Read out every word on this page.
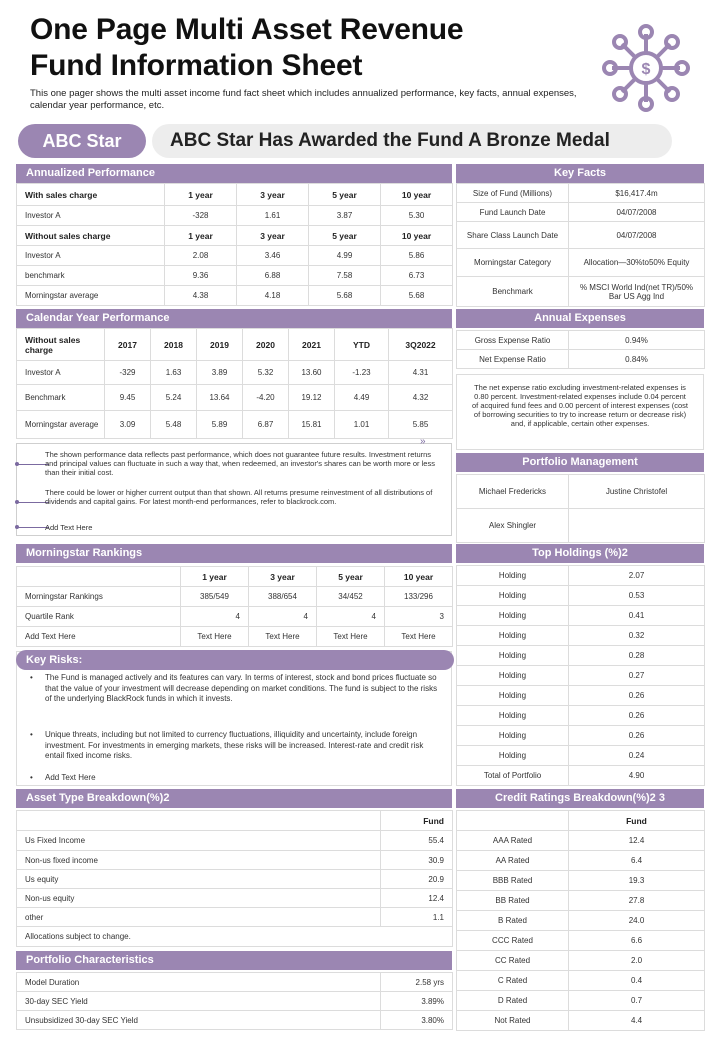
One Page Multi Asset Revenue
Fund Information Sheet
This one pager shows the multi asset income fund fact sheet which includes annualized performance, key facts, annual expenses, calendar year performance, etc.
$
ABC Star	ABC Star Has Awarded the Fund A Bronze Medal
Annualized Performance
With sales charge	1 year	3 year	5 year	10 year
Investor A	-328	1.61	3.87	5.30
Without sales charge	1 year	3 year	5 year	10 year
Investor A	2.08	3.46	4.99	5.86
benchmark	9.36	6.88	7.58	6.73
Morningstar average	4.38	4.18	5.68	5.68
Key Facts
Size of Fund (Millions)	$16,417.4m
Fund Launch Date	04/07/2008
Share Class Launch Date	04/07/2008
Morningstar Category	Allocation—30%to50% Equity
Benchmark	% MSCI World Ind(net TR)/50% Bar US Agg Ind
Calendar Year Performance
Without sales charge	2017	2018	2019	2020	2021	YTD	3Q2022
Investor A	-329	1.63	3.89	5.32	13.60	-1.23	4.31
Benchmark	9.45	5.24	13.64	-4.20	19.12	4.49	4.32
Morningstar average	3.09	5.48	5.89	6.87	15.81	1.01	5.85
Annual Expenses
Gross Expense Ratio	0.94%
Net Expense Ratio	0.84%
The net expense ratio excluding investment-related expenses is 0.80 percent. Investment-related expenses include 0.04 percent of acquired fund fees and 0.00 percent of interest expenses (cost of borrowing securities to try to increase return or decrease risk) and, if applicable, certain other expenses.
The shown performance data reflects past performance, which does not guarantee future results. Investment returns and principal values can fluctuate in such a way that, when redeemed, an investor's shares can be worth more or less than their initial cost.
There could be lower or higher current output than that shown. All returns presume reinvestment of all distributions of dividends and capital gains. For latest month-end performances, refer to blackrock.com.
Add Text Here
»
Portfolio Management
Michael Fredericks	Justine Christofel
Alex Shingler	
Morningstar Rankings
	1 year	3 year	5 year	10 year
Morningstar Rankings	385/549	388/654	34/452	133/296
Quartile Rank	4	4	4	3
Add Text Here	Text Here	Text Here	Text Here	Text Here
Key Risks:
• The Fund is managed actively and its features can vary. In terms of interest, stock and bond prices fluctuate so that the value of your investment will decrease depending on market conditions. The fund is subject to the risks of the underlying BlackRock funds in which it invests.
• Unique threats, including but not limited to currency fluctuations, illiquidity and uncertainty, include foreign investment. For investments in emerging markets, these risks will be increased. Interest-rate and credit risk entail fixed income risks.
• Add Text Here
Top Holdings (%)2
Holding	2.07
Holding	0.53
Holding	0.41
Holding	0.32
Holding	0.28
Holding	0.27
Holding	0.26
Holding	0.26
Holding	0.26
Holding	0.24
Total of Portfolio	4.90
Asset Type Breakdown(%)2
	Fund
Us Fixed Income	55.4
Non-us fixed income	30.9
Us equity	20.9
Non-us equity	12.4
other	1.1
Allocations subject to change.	
Portfolio Characteristics
Model Duration	2.58 yrs
30-day SEC Yield	3.89%
Unsubsidized 30-day SEC Yield	3.80%
Credit Ratings Breakdown(%)2 3
	Fund
AAA Rated	12.4
AA Rated	6.4
BBB Rated	19.3
BB Rated	27.8
B Rated	24.0
CCC Rated	6.6
CC Rated	2.0
C Rated	0.4
D Rated	0.7
Not Rated	4.4
